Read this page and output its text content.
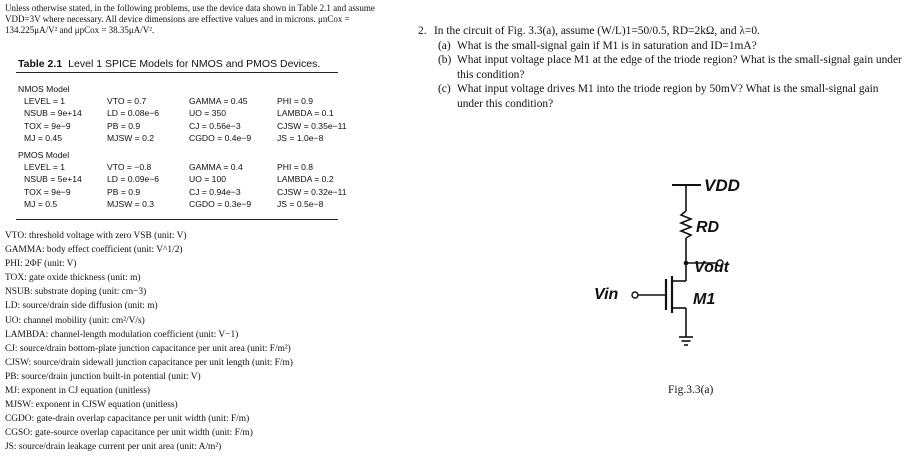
Unless otherwise stated, in the following problems, use the device data shown in Table 2.1 and assume VDD=3V where necessary. All device dimensions are effective values and in microns. μnCox = 134.225μA/V² and μpCox = 38.35μA/V².
Table 2.1 Level 1 SPICE Models for NMOS and PMOS Devices.
NMOS Model
LEVEL = 1	VTO = 0.7	GAMMA = 0.45	PHI = 0.9
NSUB = 9e+14	LD = 0.08e−6	UO = 350	LAMBDA = 0.1
TOX = 9e−9	PB = 0.9	CJ = 0.56e−3	CJSW = 0.35e−11
MJ = 0.45	MJSW = 0.2	CGDO = 0.4e−9	JS = 1.0e−8
PMOS Model
LEVEL = 1	VTO = −0.8	GAMMA = 0.4	PHI = 0.8
NSUB = 5e+14	LD = 0.09e−6	UO = 100	LAMBDA = 0.2
TOX = 9e−9	PB = 0.9	CJ = 0.94e−3	CJSW = 0.32e−11
MJ = 0.5	MJSW = 0.3	CGDO = 0.3e−9	JS = 0.5e−8
VTO: threshold voltage with zero VSB (unit: V)
GAMMA: body effect coefficient (unit: V^1/2)
PHI: 2ΦF (unit: V)
TOX: gate oxide thickness (unit: m)
NSUB: substrate doping (unit: cm−3)
LD: source/drain side diffusion (unit: m)
UO: channel mobility (unit: cm²/V/s)
LAMBDA: channel-length modulation coefficient (unit: V−1)
CJ: source/drain bottom-plate junction capacitance per unit area (unit: F/m²)
CJSW: source/drain sidewall junction capacitance per unit length (unit: F/m)
PB: source/drain junction built-in potential (unit: V)
MJ: exponent in CJ equation (unitless)
MJSW: exponent in CJSW equation (unitless)
CGDO: gate-drain overlap capacitance per unit width (unit: F/m)
CGSO: gate-source overlap capacitance per unit width (unit: F/m)
JS: source/drain leakage current per unit area (unit: A/m²)
2. In the circuit of Fig. 3.3(a), assume (W/L)1=50/0.5, RD=2kΩ, and λ=0.
(a) What is the small-signal gain if M1 is in saturation and ID=1mA?
(b) What input voltage place M1 at the edge of the triode region? What is the small-signal gain under this condition?
(c) What input voltage drives M1 into the triode region by 50mV? What is the small-signal gain under this condition?
VDD
RD
Vout
Vin	M1
Fig.3.3(a)
